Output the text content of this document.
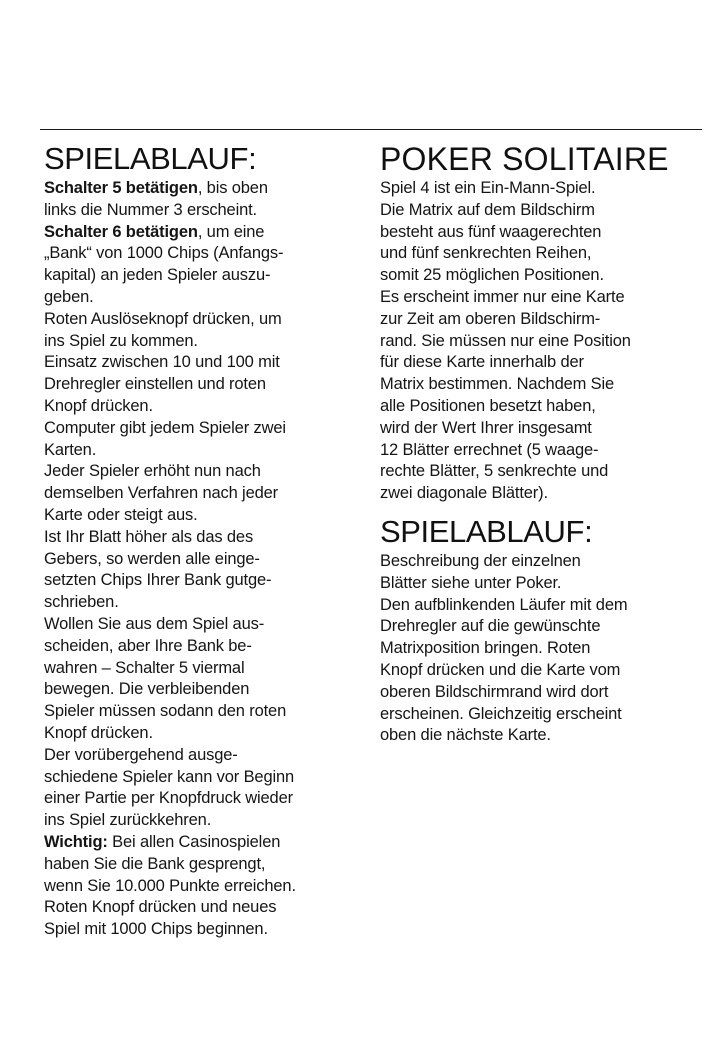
SPIELABLAUF:
Schalter 5 betätigen, bis oben
links die Nummer 3 erscheint.
Schalter 6 betätigen, um eine
„Bank“ von 1000 Chips (Anfangs-
kapital) an jeden Spieler auszu-
geben.
Roten Auslöseknopf drücken, um
ins Spiel zu kommen.
Einsatz zwischen 10 und 100 mit
Drehregler einstellen und roten
Knopf drücken.
Computer gibt jedem Spieler zwei
Karten.
Jeder Spieler erhöht nun nach
demselben Verfahren nach jeder
Karte oder steigt aus.
Ist Ihr Blatt höher als das des
Gebers, so werden alle einge-
setzten Chips Ihrer Bank gutge-
schrieben.
Wollen Sie aus dem Spiel aus-
scheiden, aber Ihre Bank be-
wahren – Schalter 5 viermal
bewegen. Die verbleibenden
Spieler müssen sodann den roten
Knopf drücken.
Der vorübergehend ausge-
schiedene Spieler kann vor Beginn
einer Partie per Knopfdruck wieder
ins Spiel zurückkehren.
Wichtig: Bei allen Casinospielen
haben Sie die Bank gesprengt,
wenn Sie 10.000 Punkte erreichen.
Roten Knopf drücken und neues
Spiel mit 1000 Chips beginnen.
POKER SOLITAIRE
Spiel 4 ist ein Ein-Mann-Spiel.
Die Matrix auf dem Bildschirm
besteht aus fünf waagerechten
und fünf senkrechten Reihen,
somit 25 möglichen Positionen.
Es erscheint immer nur eine Karte
zur Zeit am oberen Bildschirm-
rand. Sie müssen nur eine Position
für diese Karte innerhalb der
Matrix bestimmen. Nachdem Sie
alle Positionen besetzt haben,
wird der Wert Ihrer insgesamt
12 Blätter errechnet (5 waage-
rechte Blätter, 5 senkrechte und
zwei diagonale Blätter).
SPIELABLAUF:
Beschreibung der einzelnen
Blätter siehe unter Poker.
Den aufblinkenden Läufer mit dem
Drehregler auf die gewünschte
Matrixposition bringen. Roten
Knopf drücken und die Karte vom
oberen Bildschirmrand wird dort
erscheinen. Gleichzeitig erscheint
oben die nächste Karte.
